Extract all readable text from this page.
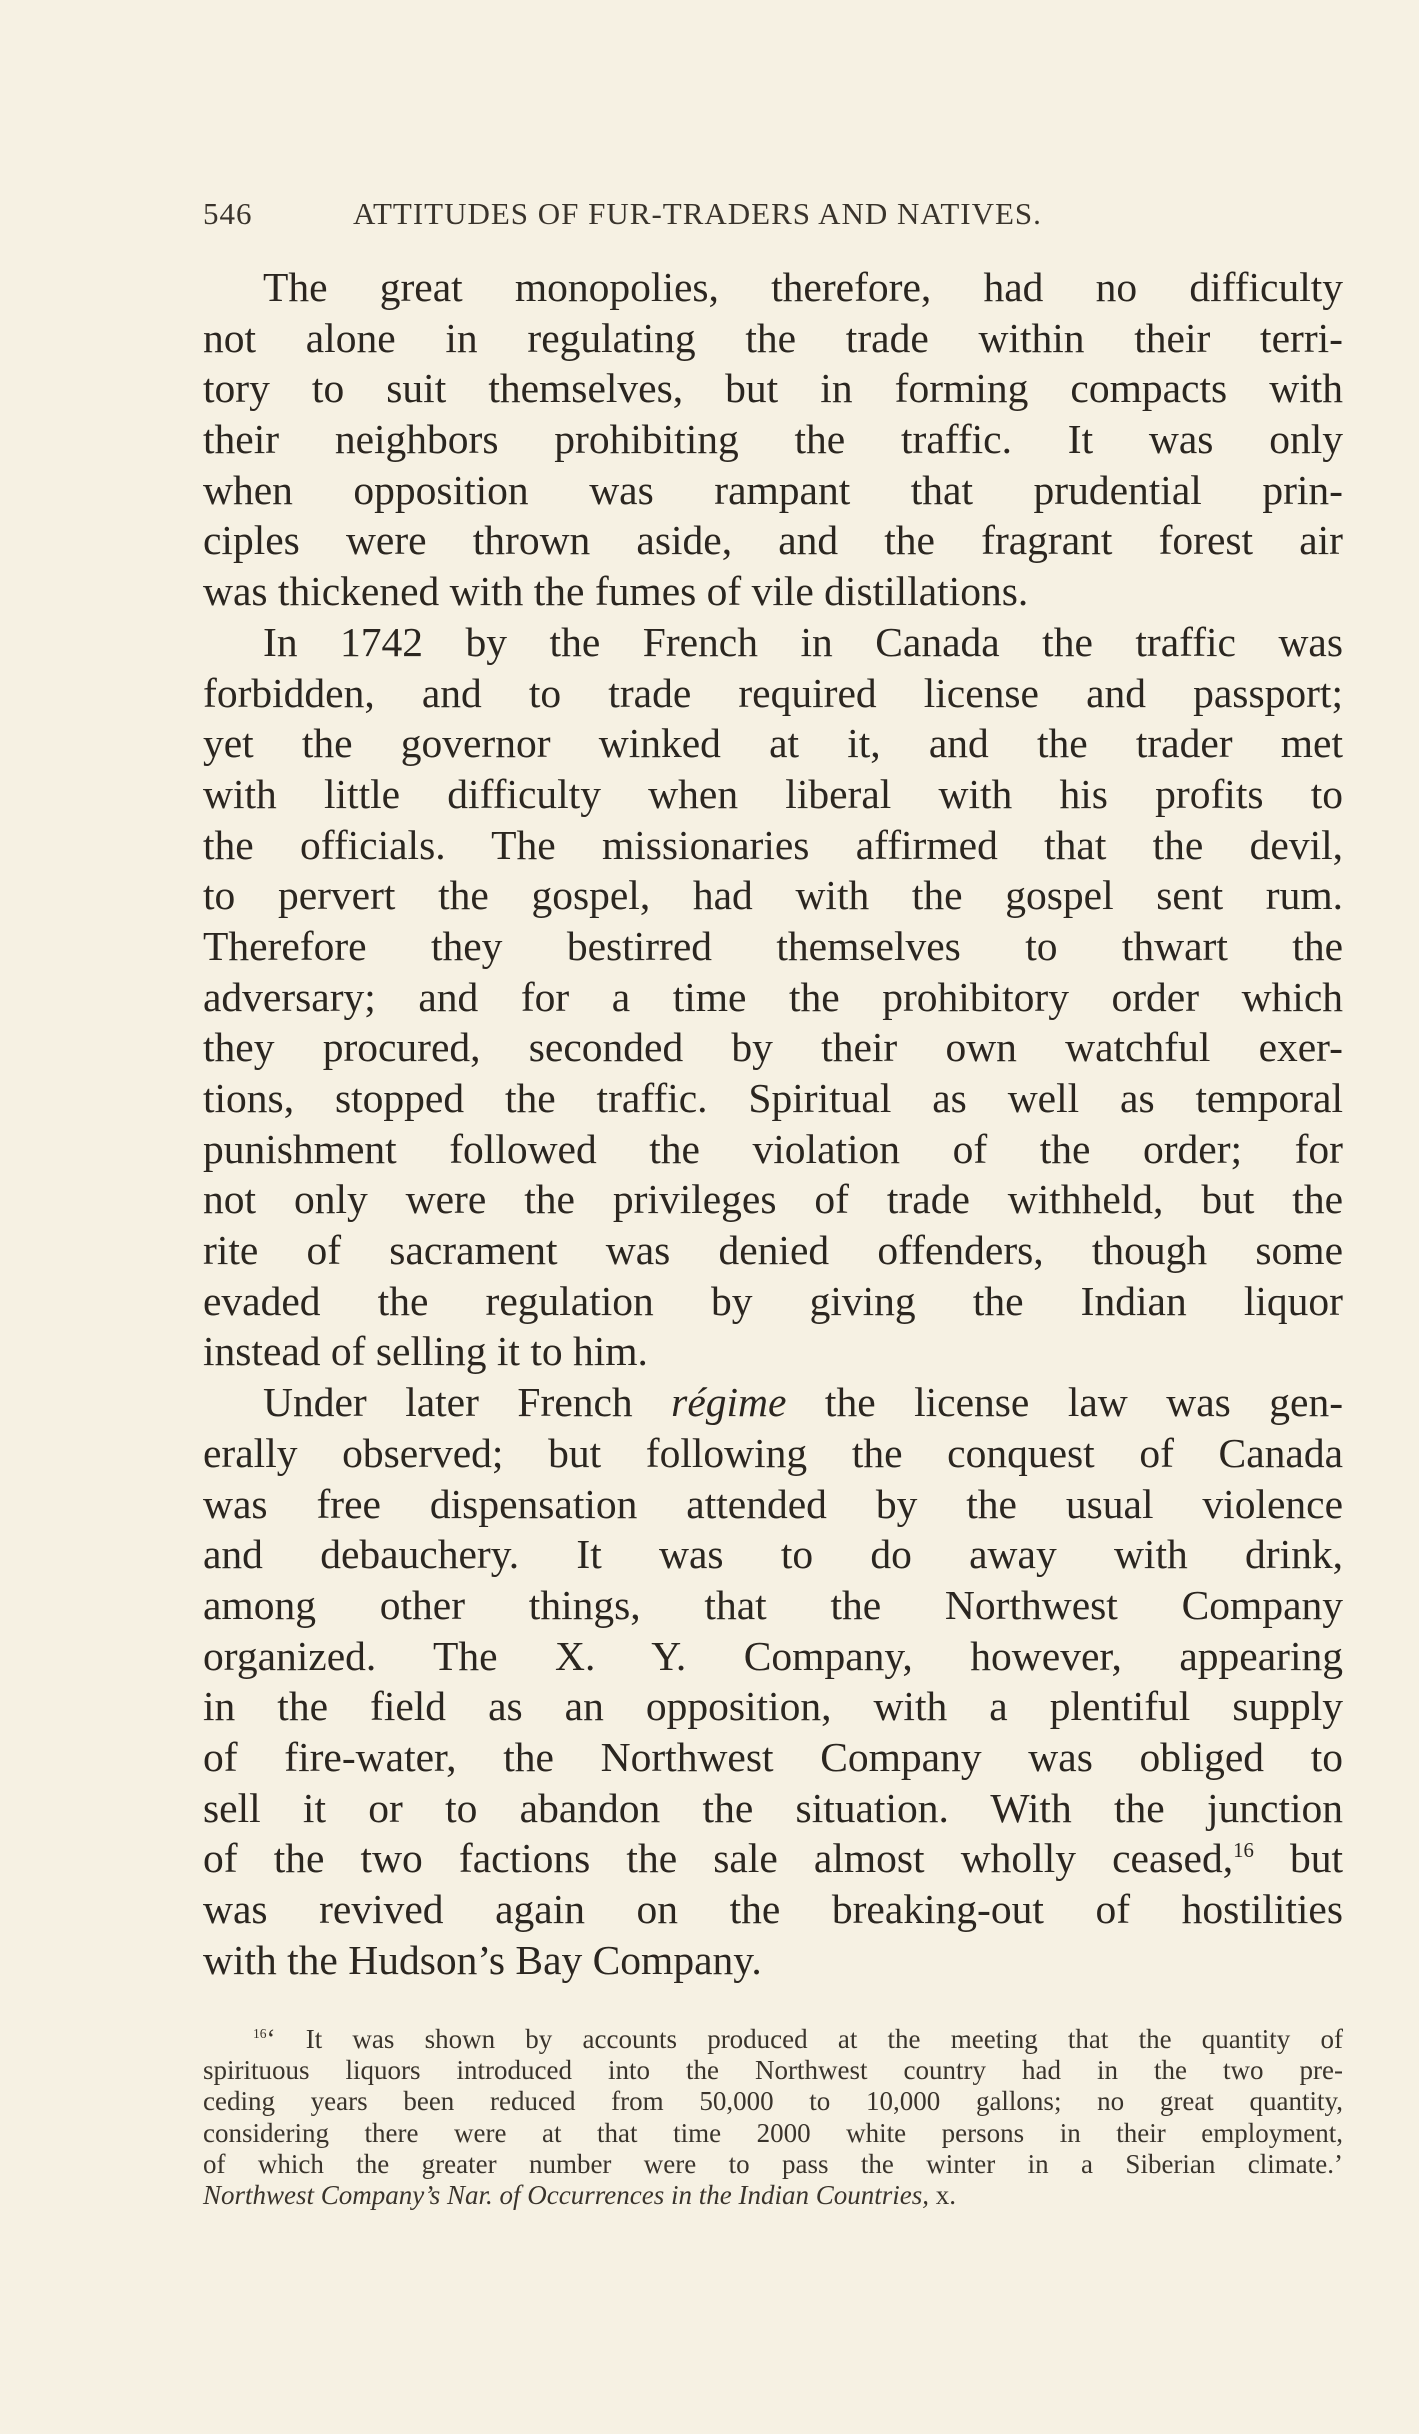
546	ATTITUDES OF FUR-TRADERS AND NATIVES.
The great monopolies, therefore, had no difficulty
not alone in regulating the trade within their terri-
tory to suit themselves, but in forming compacts with
their neighbors prohibiting the traffic. It was only
when opposition was rampant that prudential prin-
ciples were thrown aside, and the fragrant forest air
was thickened with the fumes of vile distillations.
In 1742 by the French in Canada the traffic was
forbidden, and to trade required license and passport;
yet the governor winked at it, and the trader met
with little difficulty when liberal with his profits to
the officials. The missionaries affirmed that the devil,
to pervert the gospel, had with the gospel sent rum.
Therefore they bestirred themselves to thwart the
adversary; and for a time the prohibitory order which
they procured, seconded by their own watchful exer-
tions, stopped the traffic. Spiritual as well as temporal
punishment followed the violation of the order; for
not only were the privileges of trade withheld, but the
rite of sacrament was denied offenders, though some
evaded the regulation by giving the Indian liquor
instead of selling it to him.
Under later French régime the license law was gen-
erally observed; but following the conquest of Canada
was free dispensation attended by the usual violence
and debauchery. It was to do away with drink,
among other things, that the Northwest Company
organized. The X. Y. Company, however, appearing
in the field as an opposition, with a plentiful supply
of fire-water, the Northwest Company was obliged to
sell it or to abandon the situation. With the junction
of the two factions the sale almost wholly ceased,$^{16}$ but
was revived again on the breaking-out of hostilities
with the Hudson’s Bay Company.
$^{16}$‘ It was shown by accounts produced at the meeting that the quantity of
spirituous liquors introduced into the Northwest country had in the two pre-
ceding years been reduced from 50,000 to 10,000 gallons; no great quantity,
considering there were at that time 2000 white persons in their employment,
of which the greater number were to pass the winter in a Siberian climate.’
Northwest Company’s Nar. of Occurrences in the Indian Countries, x.
